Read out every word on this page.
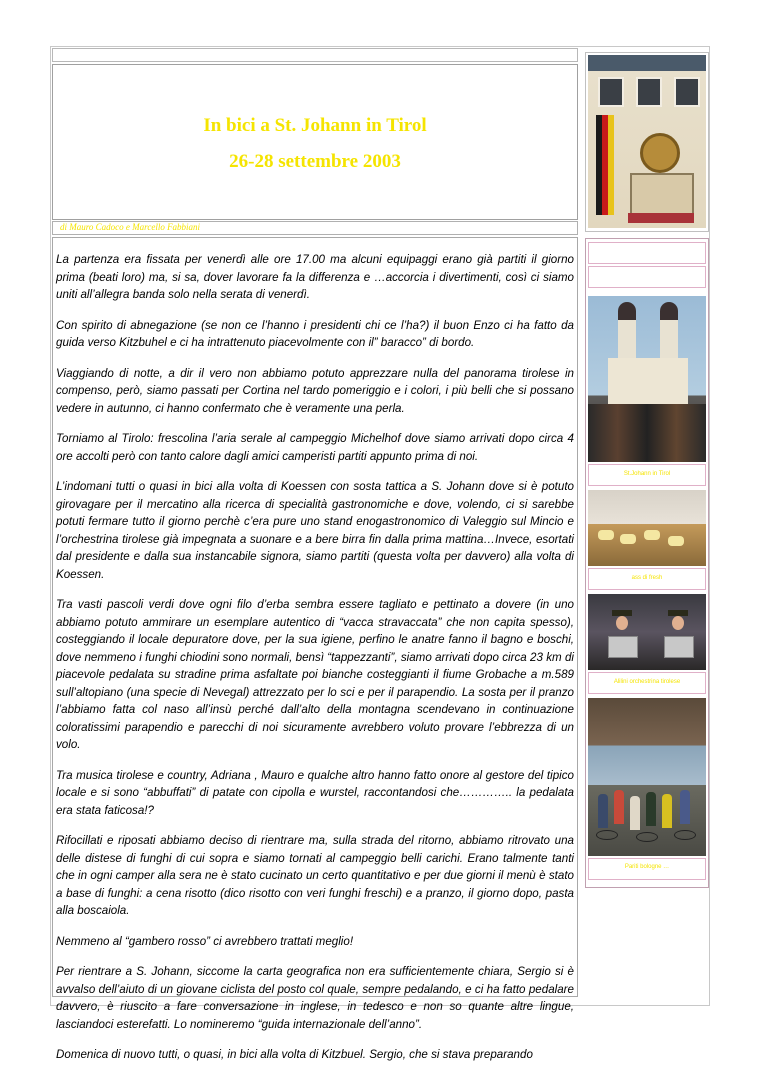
In bici a St. Johann in Tirol
26-28 settembre 2003
di Mauro Cadoco e Marcello Fabbiani

La partenza era fissata per venerdì alle ore 17.00 ma alcuni equipaggi erano già partiti il giorno prima (beati loro) ma, si sa, dover lavorare fa la differenza e …accorcia i divertimenti, così ci siamo uniti all’allegra banda solo nella serata di venerdì.

Con spirito di abnegazione (se non ce l’hanno i presidenti chi ce l’ha?) il buon Enzo ci ha fatto da guida verso Kitzbuhel e ci ha intrattenuto piacevolmente con il” baracco” di bordo.

Viaggiando di notte, a dir il vero non abbiamo potuto apprezzare nulla del panorama tirolese in compenso, però, siamo passati per Cortina nel tardo pomeriggio e i colori, i più belli che si possano vedere in autunno, ci hanno confermato che è veramente una perla.

Torniamo al Tirolo: frescolina l’aria serale al campeggio Michelhof dove siamo arrivati dopo circa 4 ore accolti però con tanto calore dagli amici camperisti partiti appunto prima di noi.

L’indomani tutti o quasi in bici alla volta di Koessen con sosta tattica a S. Johann dove si è potuto girovagare per il mercatino alla ricerca di specialità gastronomiche e dove, volendo, ci si sarebbe potuti fermare tutto il giorno perchè c’era pure uno stand enogastronomico di Valeggio sul Mincio e l’orchestrina tirolese già impegnata a suonare e a bere birra fin dalla prima mattina…Invece, esortati dal presidente e dalla sua instancabile signora, siamo partiti (questa volta per davvero) alla volta di Koessen.

Tra vasti pascoli verdi dove ogni filo d’erba sembra essere tagliato e pettinato a dovere (in uno abbiamo potuto ammirare un esemplare autentico di “vacca stravaccata” che non capita spesso), costeggiando il locale depuratore dove, per la sua igiene, perfino le anatre fanno il bagno e boschi, dove nemmeno i funghi chiodini sono normali, bensì “tappezzanti”, siamo arrivati dopo circa 23 km di piacevole pedalata su stradine prima asfaltate poi bianche costeggianti il fiume Grobache a m.589 sull’altopiano (una specie di Nevegal) attrezzato per lo sci e per il parapendio. La sosta per il pranzo l’abbiamo fatta col naso all’insù perché dall’alto della montagna scendevano in continuazione coloratissimi parapendio e parecchi di noi sicuramente avrebbero voluto provare l’ebbrezza di un volo.

Tra musica tirolese e country, Adriana , Mauro e qualche altro hanno fatto onore al gestore del tipico locale e si sono “abbuffati” di patate con cipolla e wurstel, raccontandosi che………….. la pedalata era stata faticosa!?

Rifocillati e riposati abbiamo deciso di rientrare ma, sulla strada del ritorno, abbiamo ritrovato una delle distese di funghi di cui sopra e siamo tornati al campeggio belli carichi. Erano talmente tanti che in ogni camper alla sera ne è stato cucinato un certo quantitativo e per due giorni il menù è stato a base di funghi: a cena risotto (dico risotto con veri funghi freschi) e a pranzo, il giorno dopo, pasta alla boscaiola.

Nemmeno al “gambero rosso” ci avrebbero trattati meglio!

Per rientrare a S. Johann, siccome la carta geografica non era sufficientemente chiara, Sergio si è avvalso dell’aiuto di un giovane ciclista del posto col quale, sempre pedalando, e ci ha fatto pedalare davvero, è riuscito a fare conversazione in inglese, in tedesco e non so quante altre lingue, lasciandoci esterefatti. Lo nomineremo “guida internazionale dell’anno”.

Domenica di nuovo tutti, o quasi, in bici alla volta di Kitzbuel. Sergio, che si stava preparando

St.Johann in Tirol
ass di fresh
Alilini orchestrina tirolese
Pariti bologne …
